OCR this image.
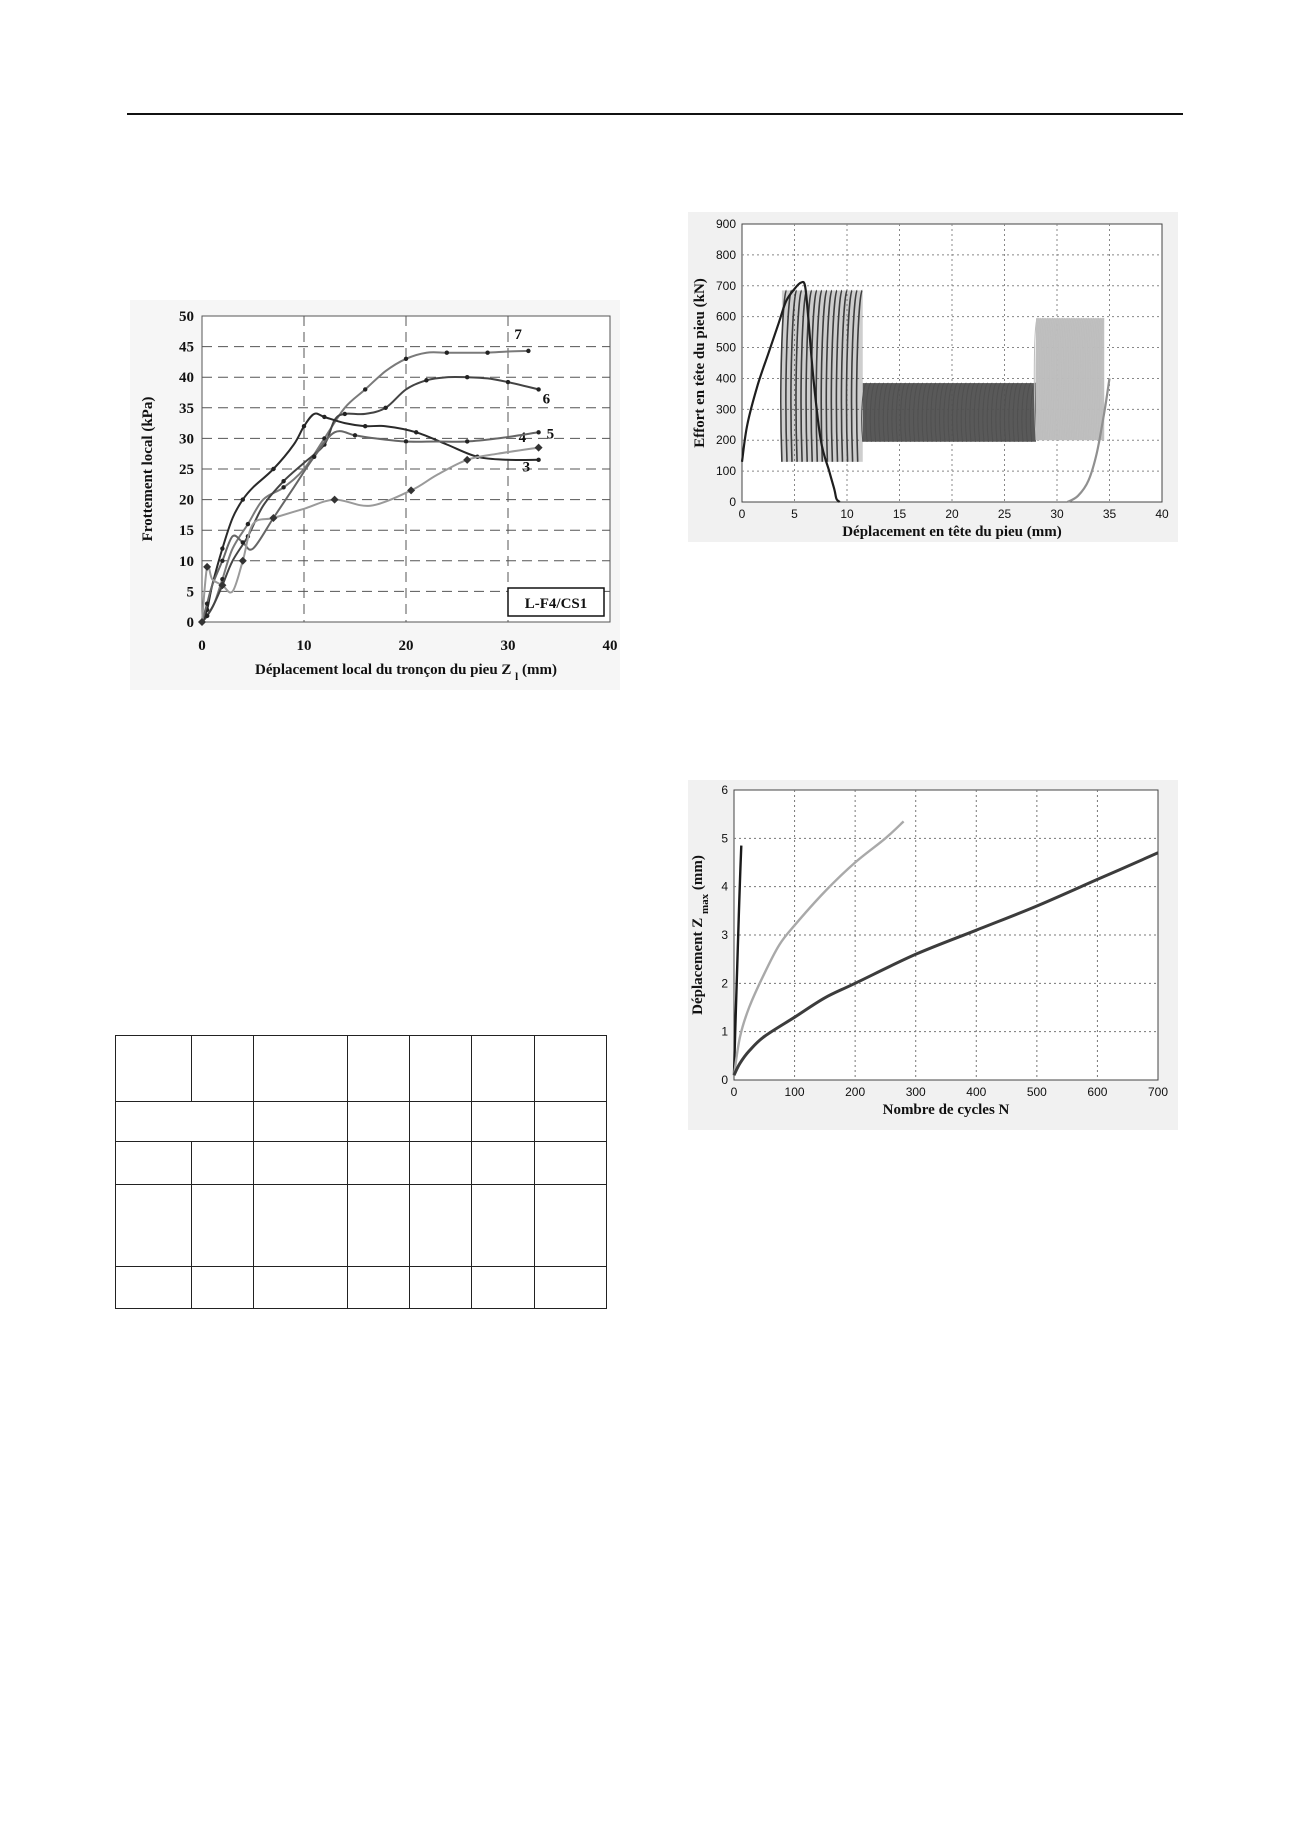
0
5
10
15
20
25
30
35
40
45
50
0	10	20	30	40
7
6
4 5
3
L-F4/CS1
Déplacement local du tronçon du pieu Z $_l$ (mm)
Frottement local (kPa)	0
100
200
300
400
500
600
700
800
900
0	5	10	15	20	25	30	35	40
Déplacement en tête du pieu (mm)
Effort en tête du pieu (kN)
0
1
2
3
4
5
6
0	100	200	300	400	500	600	700
Nombre de cycles N
Déplacement Z $_{max}$ (mm)
